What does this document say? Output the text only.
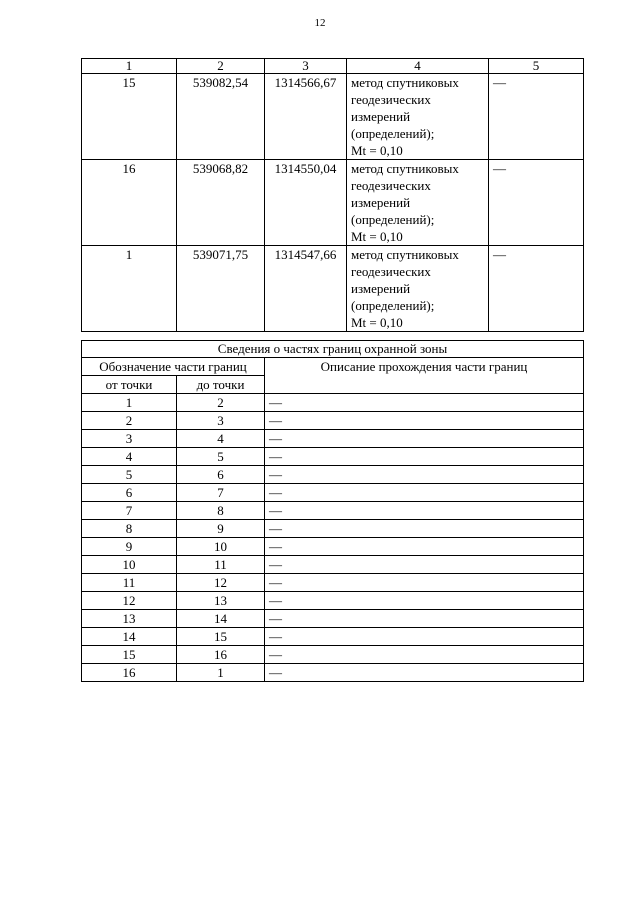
12
1	2	3	4	5
15	539082,54	1314566,67	метод спутниковых
геодезических
измерений
(определений);
Mt = 0,10	—
16	539068,82	1314550,04	метод спутниковых
геодезических
измерений
(определений);
Mt = 0,10	—
1	539071,75	1314547,66	метод спутниковых
геодезических
измерений
(определений);
Mt = 0,10	—
Сведения о частях границ охранной зоны		
Обозначение части границ		Описание прохождения части границ
от точки	до точки	
1	2	—
2	3	—
3	4	—
4	5	—
5	6	—
6	7	—
7	8	—
8	9	—
9	10	—
10	11	—
11	12	—
12	13	—
13	14	—
14	15	—
15	16	—
16	1	—
